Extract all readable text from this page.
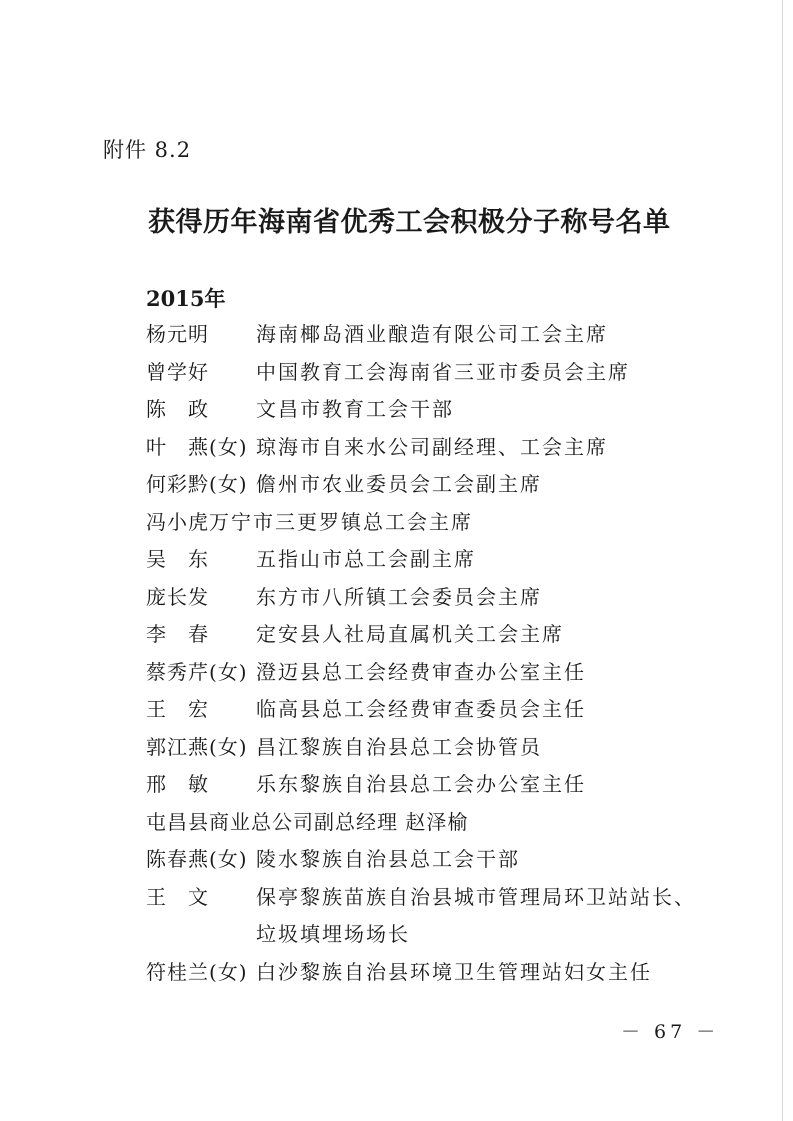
附件 8.2
获得历年海南省优秀工会积极分子称号名单
2015年
杨元明	海南椰岛酒业酿造有限公司工会主席
曾学好	中国教育工会海南省三亚市委员会主席
陈　政	文昌市教育工会干部
叶　燕(女) 琼海市自来水公司副经理、工会主席
何彩黔(女) 儋州市农业委员会工会副主席
冯小虎 万宁市三更罗镇总工会主席
吴　东	五指山市总工会副主席
庞长发	东方市八所镇工会委员会主席
李　春	定安县人社局直属机关工会主席
蔡秀芹(女) 澄迈县总工会经费审查办公室主任
王　宏	临高县总工会经费审查委员会主任
郭江燕(女) 昌江黎族自治县总工会协管员
邢　敏	乐东黎族自治县总工会办公室主任
屯昌县商业总公司副总经理 赵泽榆
陈春燕(女) 陵水黎族自治县总工会干部
王　文	保亭黎族苗族自治县城市管理局环卫站站长、垃圾填埋场场长
符桂兰(女) 白沙黎族自治县环境卫生管理站妇女主任
－ 67 －
